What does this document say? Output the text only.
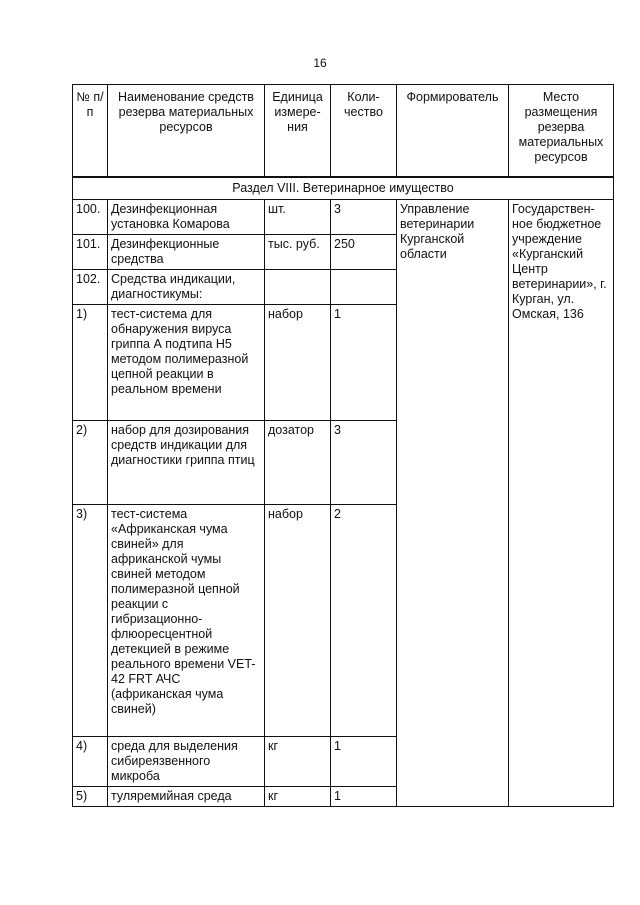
16
№ п/п	Наименование средств резерва материальных ресурсов	Единица измере-ния	Коли-чество	Формирователь	Место размещения резерва материальных ресурсов
Раздел VIII. Ветеринарное имущество					
100.	Дезинфекционная установка Комарова	шт.	3	Управление ветеринарии Курганской области	Государствен-ное бюджетное учреждение «Курганский Центр ветеринарии», г. Курган, ул. Омская, 136
101.	Дезинфекционные средства	тыс. руб.	250		
102.	Средства индикации, диагностикумы:				
1)	тест-система для обнаружения вируса гриппа А подтипа Н5 методом полимеразной цепной реакции в реальном времени	набор	1		
2)	набор для дозирования средств индикации для диагностики гриппа птиц	дозатор	3		
3)	тест-система «Африканская чума свиней» для африканской чумы свиней методом полимеразной цепной реакции с гибризационно-флюоресцентной детекцией в режиме реального времени VET-42 FRT АЧС (африканская чума свиней)	набор	2		
4)	среда для выделения сибиреязвенного микроба	кг	1		
5)	туляремийная среда	кг	1		
